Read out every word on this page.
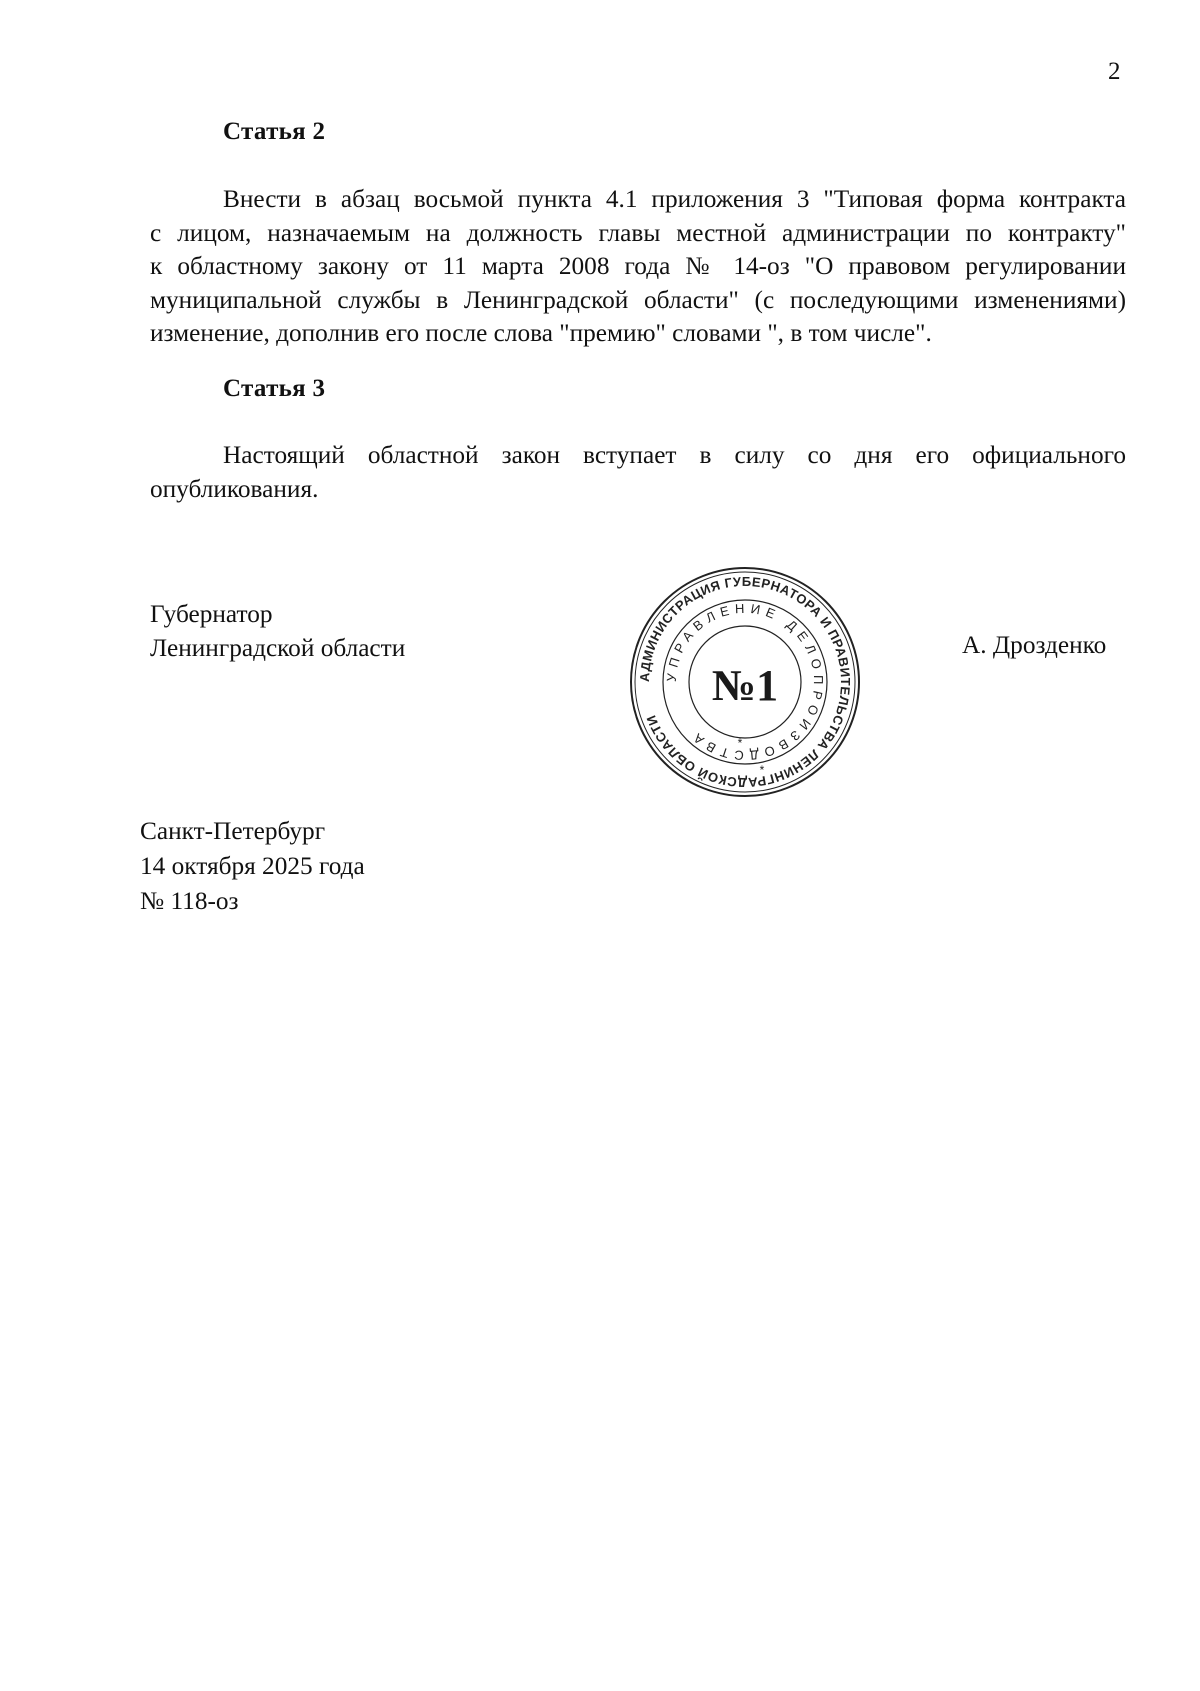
2
Статья 2
Внести в абзац восьмой пункта 4.1 приложения 3 "Типовая форма контракта
с лицом, назначаемым на должность главы местной администрации по контракту"
к областному закону от 11 марта 2008 года № 14-оз "О правовом регулировании
муниципальной службы в Ленинградской области" (с последующими изменениями)
изменение, дополнив его после слова "премию" словами ", в том числе".
Статья 3
Настоящий областной закон вступает в силу со дня его официального
опубликования.
Губернатор
Ленинградской области
АДМИНИСТРАЦИЯ ГУБЕРНАТОРА И ПРАВИТЕЛЬСТВА ЛЕНИНГРАДСКОЙ ОБЛАСТИ
УПРАВЛЕНИЕ ДЕЛОПРОИЗВОДСТВА
№1
*
*
А. Дрозденко
Санкт-Петербург
14 октября 2025 года
№ 118-оз
